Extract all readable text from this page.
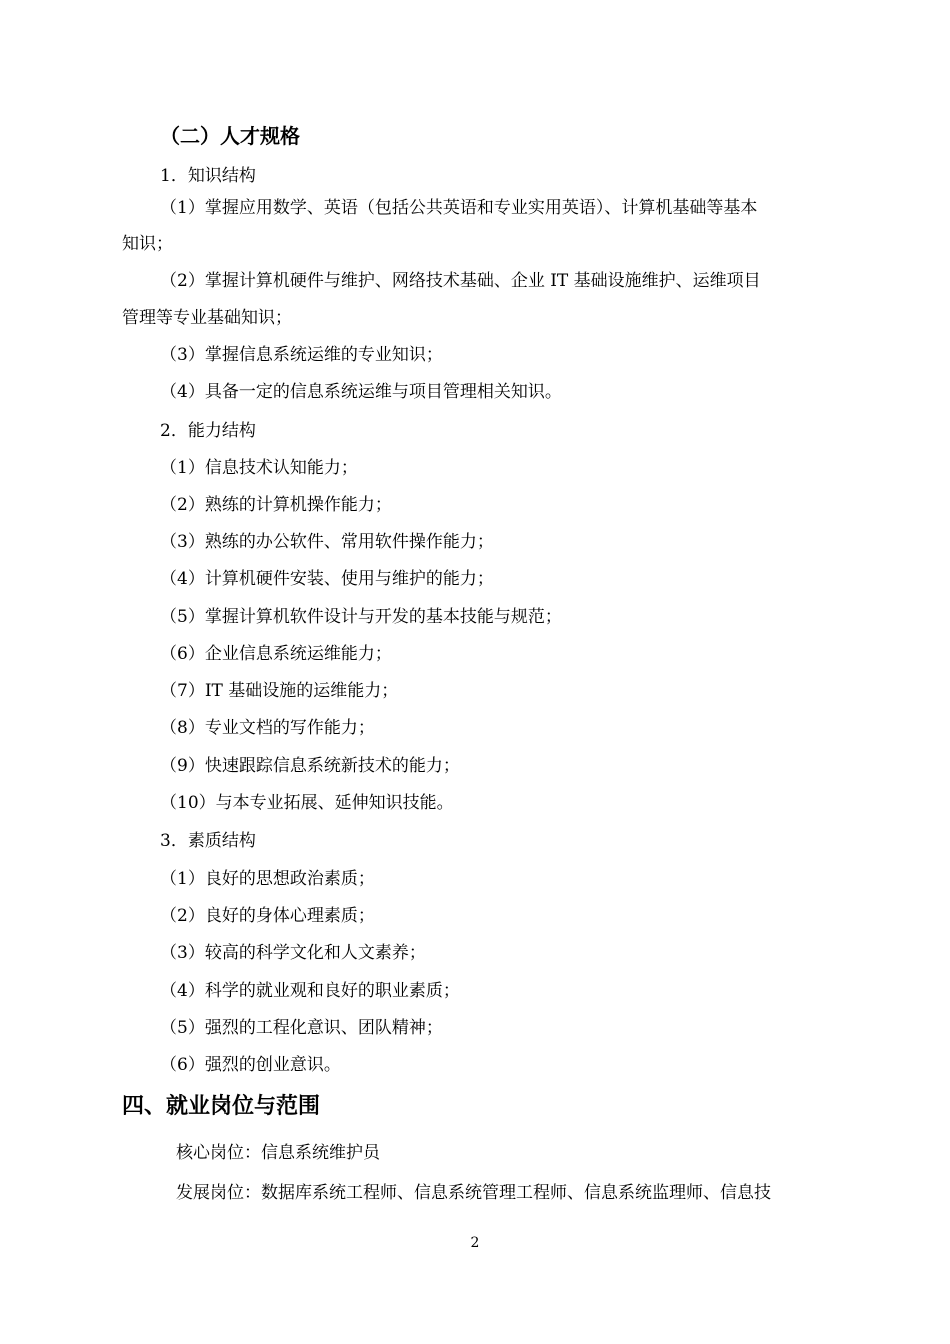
（二）人才规格
1．知识结构
（1）掌握应用数学、英语（包括公共英语和专业实用英语）、计算机基础等基本
知识；
（2）掌握计算机硬件与维护、网络技术基础、企业 IT 基础设施维护、运维项目
管理等专业基础知识；
（3）掌握信息系统运维的专业知识；
（4）具备一定的信息系统运维与项目管理相关知识。
2．能力结构
（1）信息技术认知能力；
（2）熟练的计算机操作能力；
（3）熟练的办公软件、常用软件操作能力；
（4）计算机硬件安装、使用与维护的能力；
（5）掌握计算机软件设计与开发的基本技能与规范；
（6）企业信息系统运维能力；
（7）IT 基础设施的运维能力；
（8）专业文档的写作能力；
（9）快速跟踪信息系统新技术的能力；
（10）与本专业拓展、延伸知识技能。
3．素质结构
（1）良好的思想政治素质；
（2）良好的身体心理素质；
（3）较高的科学文化和人文素养；
（4）科学的就业观和良好的职业素质；
（5）强烈的工程化意识、团队精神；
（6）强烈的创业意识。
四、就业岗位与范围
核心岗位：信息系统维护员
发展岗位：数据库系统工程师、信息系统管理工程师、信息系统监理师、信息技
2
